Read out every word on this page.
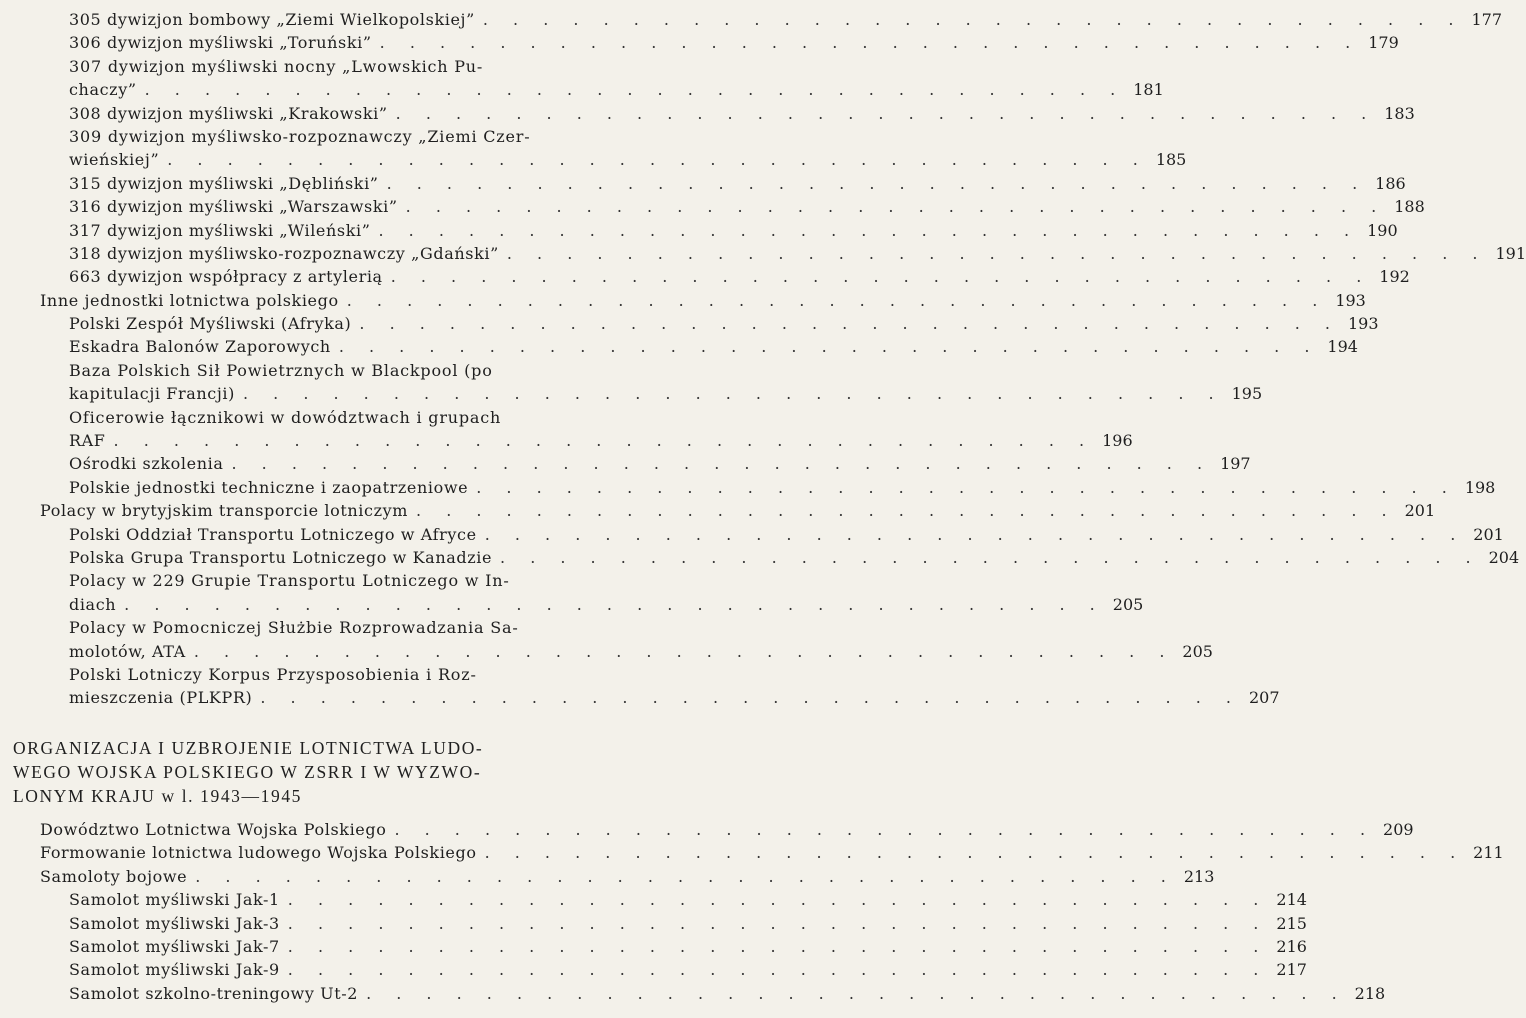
305 dywizjon bombowy „Ziemi Wielkopolskiej” . . . . . . . . . . . . . . . . . . . . . . . . . . . . . . . . . 177
306 dywizjon myśliwski „Toruński” . . . . . . . . . . . . . . . . . . . . . . . . . . . . . . . . . 179
307 dywizjon myśliwski nocny „Lwowskich Pu-
chaczy” . . . . . . . . . . . . . . . . . . . . . . . . . . . . . . . . . 181
308 dywizjon myśliwski „Krakowski” . . . . . . . . . . . . . . . . . . . . . . . . . . . . . . . . . 183
309 dywizjon myśliwsko-rozpoznawczy „Ziemi Czer-
wieńskiej” . . . . . . . . . . . . . . . . . . . . . . . . . . . . . . . . . 185
315 dywizjon myśliwski „Dębliński” . . . . . . . . . . . . . . . . . . . . . . . . . . . . . . . . . 186
316 dywizjon myśliwski „Warszawski” . . . . . . . . . . . . . . . . . . . . . . . . . . . . . . . . . 188
317 dywizjon myśliwski „Wileński” . . . . . . . . . . . . . . . . . . . . . . . . . . . . . . . . . 190
318 dywizjon myśliwsko-rozpoznawczy „Gdański” . . . . . . . . . . . . . . . . . . . . . . . . . . . . . . . . . 191
663 dywizjon współpracy z artylerią . . . . . . . . . . . . . . . . . . . . . . . . . . . . . . . . . 192
Inne jednostki lotnictwa polskiego . . . . . . . . . . . . . . . . . . . . . . . . . . . . . . . . . 193
Polski Zespół Myśliwski (Afryka) . . . . . . . . . . . . . . . . . . . . . . . . . . . . . . . . . 193
Eskadra Balonów Zaporowych . . . . . . . . . . . . . . . . . . . . . . . . . . . . . . . . . 194
Baza Polskich Sił Powietrznych w Blackpool (po
kapitulacji Francji) . . . . . . . . . . . . . . . . . . . . . . . . . . . . . . . . . 195
Oficerowie łącznikowi w dowództwach i grupach
RAF . . . . . . . . . . . . . . . . . . . . . . . . . . . . . . . . . 196
Ośrodki szkolenia . . . . . . . . . . . . . . . . . . . . . . . . . . . . . . . . . 197
Polskie jednostki techniczne i zaopatrzeniowe . . . . . . . . . . . . . . . . . . . . . . . . . . . . . . . . . 198
Polacy w brytyjskim transporcie lotniczym . . . . . . . . . . . . . . . . . . . . . . . . . . . . . . . . . 201
Polski Oddział Transportu Lotniczego w Afryce . . . . . . . . . . . . . . . . . . . . . . . . . . . . . . . . . 201
Polska Grupa Transportu Lotniczego w Kanadzie . . . . . . . . . . . . . . . . . . . . . . . . . . . . . . . . . 204
Polacy w 229 Grupie Transportu Lotniczego w In-
diach . . . . . . . . . . . . . . . . . . . . . . . . . . . . . . . . . 205
Polacy w Pomocniczej Służbie Rozprowadzania Sa-
molotów, ATA . . . . . . . . . . . . . . . . . . . . . . . . . . . . . . . . . 205
Polski Lotniczy Korpus Przysposobienia i Roz-
mieszczenia (PLKPR) . . . . . . . . . . . . . . . . . . . . . . . . . . . . . . . . . 207
ORGANIZACJA I UZBROJENIE LOTNICTWA LUDO-
WEGO WOJSKA POLSKIEGO W ZSRR I W WYZWO-
LONYM KRAJU w l. 1943—1945
Dowództwo Lotnictwa Wojska Polskiego . . . . . . . . . . . . . . . . . . . . . . . . . . . . . . . . . 209
Formowanie lotnictwa ludowego Wojska Polskiego . . . . . . . . . . . . . . . . . . . . . . . . . . . . . . . . . 211
Samoloty bojowe . . . . . . . . . . . . . . . . . . . . . . . . . . . . . . . . . 213
Samolot myśliwski Jak-1 . . . . . . . . . . . . . . . . . . . . . . . . . . . . . . . . . 214
Samolot myśliwski Jak-3 . . . . . . . . . . . . . . . . . . . . . . . . . . . . . . . . . 215
Samolot myśliwski Jak-7 . . . . . . . . . . . . . . . . . . . . . . . . . . . . . . . . . 216
Samolot myśliwski Jak-9 . . . . . . . . . . . . . . . . . . . . . . . . . . . . . . . . . 217
Samolot szkolno-treningowy Ut-2 . . . . . . . . . . . . . . . . . . . . . . . . . . . . . . . . . 218
